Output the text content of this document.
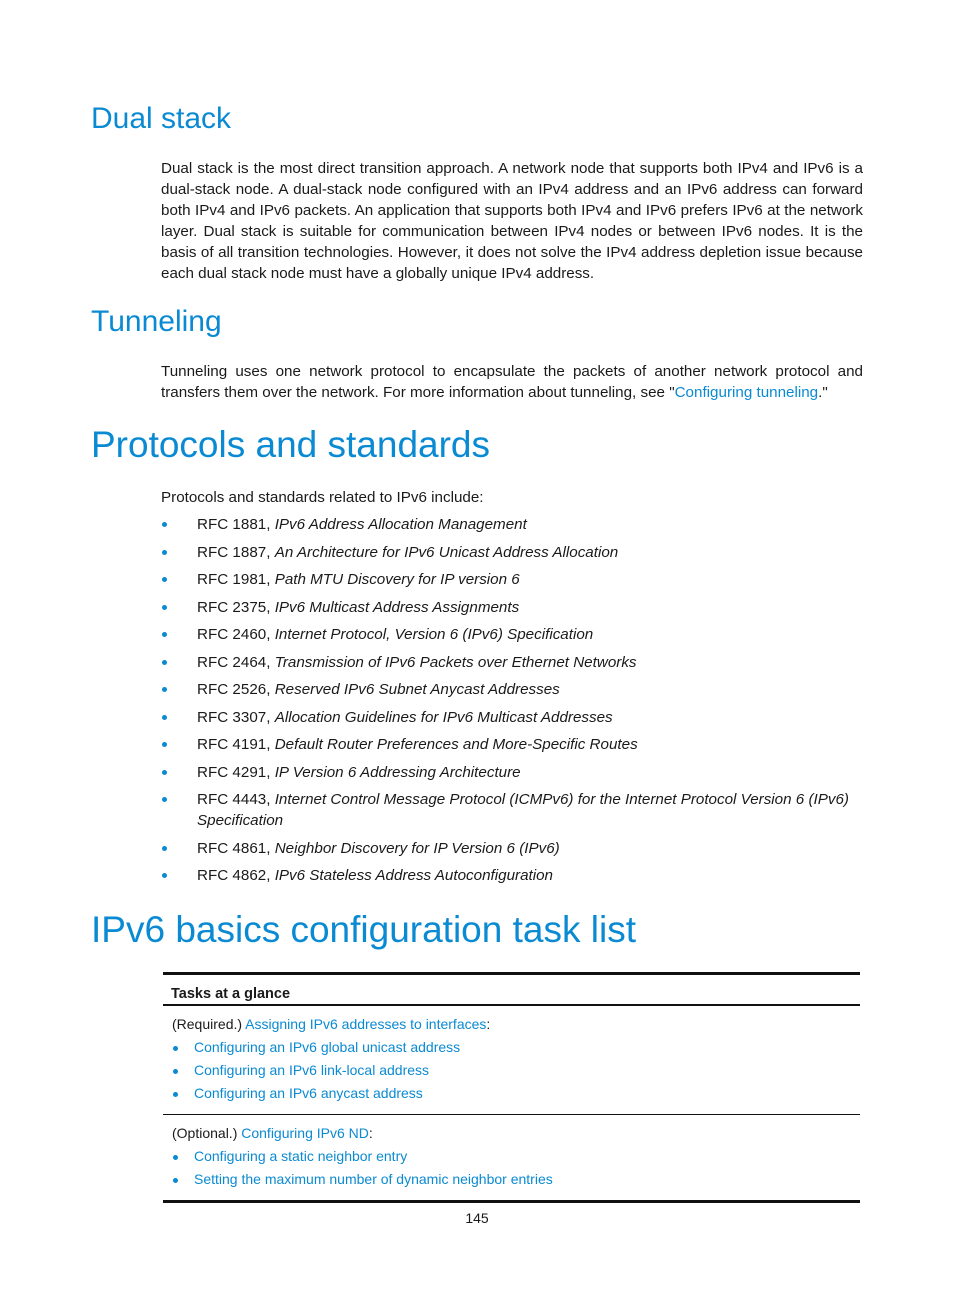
Dual stack

Dual stack is the most direct transition approach. A network node that supports both IPv4 and IPv6 is a dual-stack node. A dual-stack node configured with an IPv4 address and an IPv6 address can forward both IPv4 and IPv6 packets. An application that supports both IPv4 and IPv6 prefers IPv6 at the network layer. Dual stack is suitable for communication between IPv4 nodes or between IPv6 nodes. It is the basis of all transition technologies. However, it does not solve the IPv4 address depletion issue because each dual stack node must have a globally unique IPv4 address.

Tunneling

Tunneling uses one network protocol to encapsulate the packets of another network protocol and transfers them over the network. For more information about tunneling, see "Configuring tunneling."

Protocols and standards

Protocols and standards related to IPv6 include:

RFC 1881, IPv6 Address Allocation Management
RFC 1887, An Architecture for IPv6 Unicast Address Allocation
RFC 1981, Path MTU Discovery for IP version 6
RFC 2375, IPv6 Multicast Address Assignments
RFC 2460, Internet Protocol, Version 6 (IPv6) Specification
RFC 2464, Transmission of IPv6 Packets over Ethernet Networks
RFC 2526, Reserved IPv6 Subnet Anycast Addresses
RFC 3307, Allocation Guidelines for IPv6 Multicast Addresses
RFC 4191, Default Router Preferences and More-Specific Routes
RFC 4291, IP Version 6 Addressing Architecture
RFC 4443, Internet Control Message Protocol (ICMPv6) for the Internet Protocol Version 6 (IPv6) Specification
RFC 4861, Neighbor Discovery for IP Version 6 (IPv6)
RFC 4862, IPv6 Stateless Address Autoconfiguration
IPv6 basics configuration task list
Tasks at a glance
(Required.) Assigning IPv6 addresses to interfaces:
Configuring an IPv6 global unicast address
Configuring an IPv6 link-local address
Configuring an IPv6 anycast address
(Optional.) Configuring IPv6 ND:
Configuring a static neighbor entry
Setting the maximum number of dynamic neighbor entries
145
